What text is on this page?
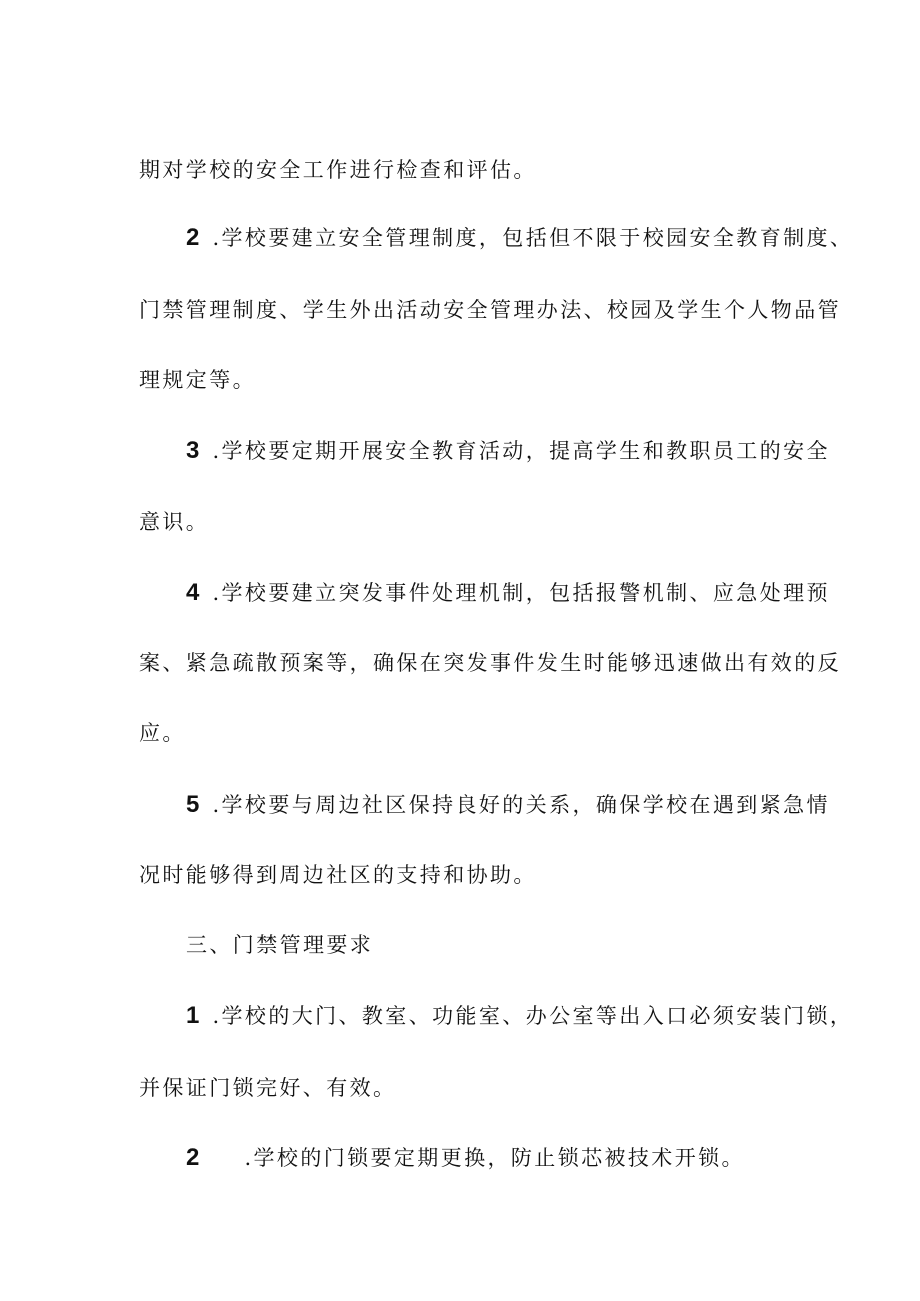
期对学校的安全工作进行检查和评估。
2 .学校要建立安全管理制度，包括但不限于校园安全教育制度、
门禁管理制度、学生外出活动安全管理办法、校园及学生个人物品管
理规定等。
3 .学校要定期开展安全教育活动，提高学生和教职员工的安全
意识。
4 .学校要建立突发事件处理机制，包括报警机制、应急处理预
案、紧急疏散预案等，确保在突发事件发生时能够迅速做出有效的反
应。
5 .学校要与周边社区保持良好的关系，确保学校在遇到紧急情
况时能够得到周边社区的支持和协助。
三、门禁管理要求
1 .学校的大门、教室、功能室、办公室等出入口必须安装门锁，
并保证门锁完好、有效。
2 .学校的门锁要定期更换，防止锁芯被技术开锁。
